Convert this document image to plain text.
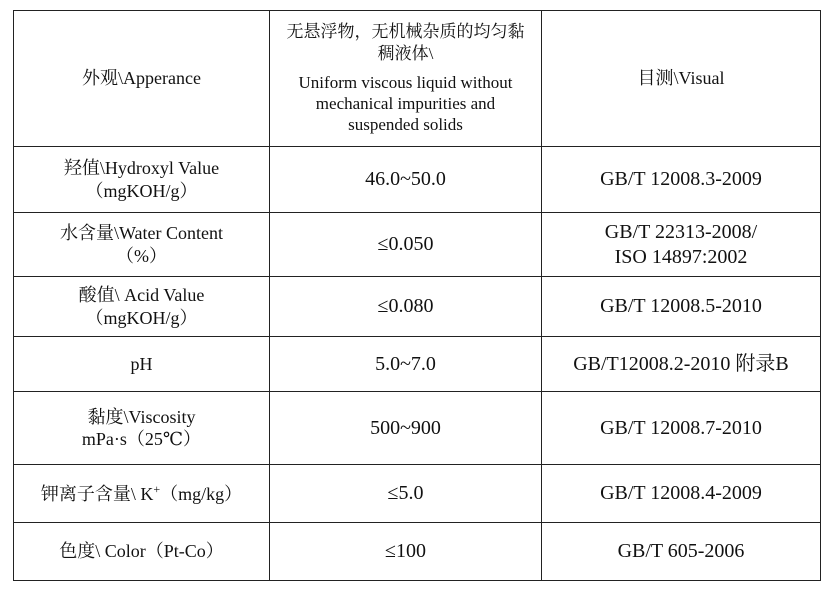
外观\Apperance	无悬浮物，无机械杂质的均匀黏
稠液体\
Uniform viscous liquid without
mechanical impurities and
suspended solids	目测\Visual

羟值\Hydroxyl Value
（mgKOH/g）	46.0~50.0	GB/T 12008.3-2009

水含量\Water Content
（%）	≤0.050	GB/T 22313-2008/
ISO 14897:2002

酸值\ Acid Value
（mgKOH/g）	≤0.080	GB/T 12008.5-2010

pH	5.0~7.0	GB/T12008.2-2010 附录B

黏度\Viscosity
mPa·s（25℃）	500~900	GB/T 12008.7-2010

钾离子含量\ K+（mg/kg）	≤5.0	GB/T 12008.4-2009

色度\ Color（Pt-Co）	≤100	GB/T 605-2006
